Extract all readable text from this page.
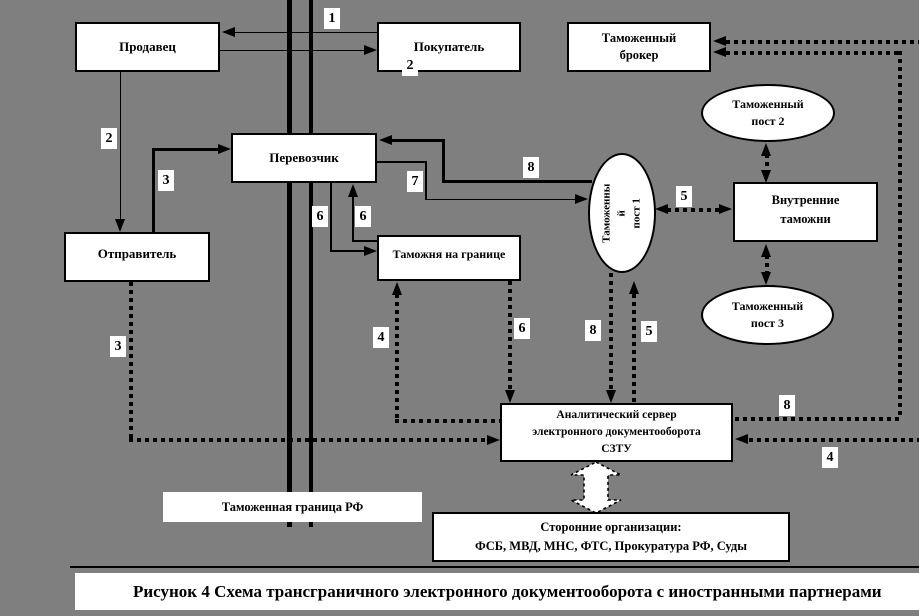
Продавец	Покупатель
Таможенный
брокер
Перевозчик
Отправитель	Таможня на границе
Внутренние
таможни
Таможенны й пост 1
Таможенный
пост 2
Таможенный
пост 3
Аналитический сервер
электронного документооборота
СЗТУ
Сторонние организации:
ФСБ, МВД, МНС, ФТС, Прокуратура РФ, Суды
Таможенная граница РФ
1
2
2
3
3
4
4
5
5
6	6
6
7
8
8
8
Рисунок 4 Схема трансграничного электронного документооборота с иностранными партнерами
